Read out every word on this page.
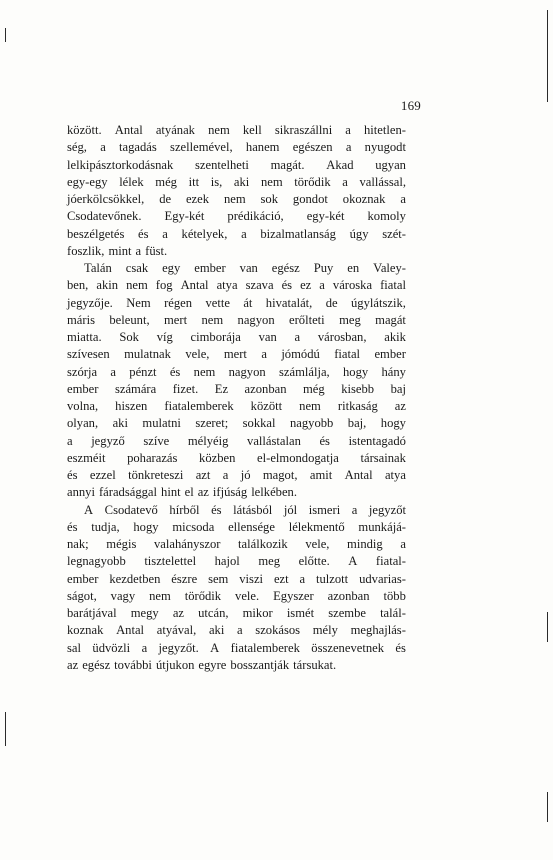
169
között. Antal atyának nem kell sikraszállni a hitetlen-
ség, a tagadás szellemével, hanem egészen a nyugodt
lelkipásztorkodásnak szentelheti magát. Akad ugyan
egy-egy lélek még itt is, aki nem törődik a vallással,
jóerkölcsökkel, de ezek nem sok gondot okoznak a
Csodatevőnek. Egy-két prédikáció, egy-két komoly
beszélgetés és a kételyek, a bizalmatlanság úgy szét-
foszlik, mint a füst.
Talán csak egy ember van egész Puy en Valey-
ben, akin nem fog Antal atya szava és ez a városka fiatal
jegyzője. Nem régen vette át hivatalát, de úgylátszik,
máris beleunt, mert nem nagyon erőlteti meg magát
miatta. Sok víg cimborája van a városban, akik
szívesen mulatnak vele, mert a jómódú fiatal ember
szórja a pénzt és nem nagyon számlálja, hogy hány
ember számára fizet. Ez azonban még kisebb baj
volna, hiszen fiatalemberek között nem ritkaság az
olyan, aki mulatni szeret; sokkal nagyobb baj, hogy
a jegyző szíve mélyéig vallástalan és istentagadó
eszméit poharazás közben el-elmondogatja társainak
és ezzel tönkreteszi azt a jó magot, amit Antal atya
annyi fáradsággal hint el az ifjúság lelkében.
A Csodatevő hírből és látásból jól ismeri a jegyzőt
és tudja, hogy micsoda ellensége lélekmentő munkájá-
nak; mégis valahányszor találkozik vele, mindig a
legnagyobb tisztelettel hajol meg előtte. A fiatal-
ember kezdetben észre sem viszi ezt a tulzott udvarias-
ságot, vagy nem törődik vele. Egyszer azonban több
barátjával megy az utcán, mikor ismét szembe talál-
koznak Antal atyával, aki a szokásos mély meghajlás-
sal üdvözli a jegyzőt. A fiatalemberek összenevetnek és
az egész további útjukon egyre bosszantják társukat.
